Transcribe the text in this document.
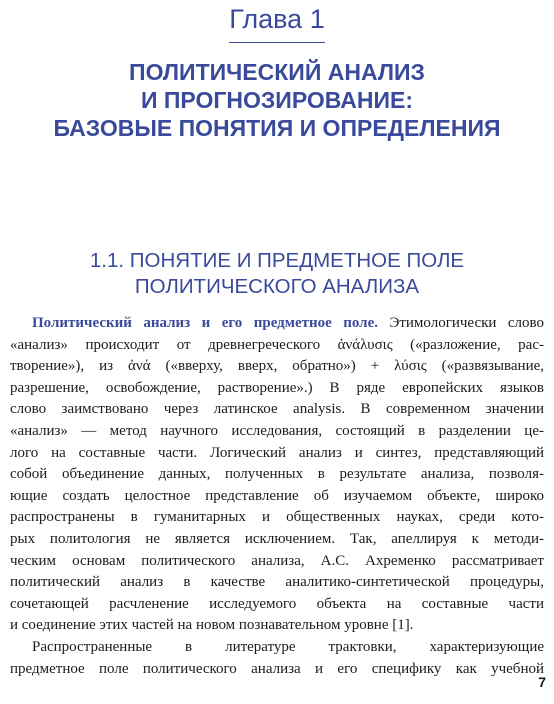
Глава 1
ПОЛИТИЧЕСКИЙ АНАЛИЗ
И ПРОГНОЗИРОВАНИЕ:
БАЗОВЫЕ ПОНЯТИЯ И ОПРЕДЕЛЕНИЯ
1.1. ПОНЯТИЕ И ПРЕДМЕТНОЕ ПОЛЕ
ПОЛИТИЧЕСКОГО АНАЛИЗА
Политический анализ и его предметное поле. Этимологически слово
«анализ» происходит от древнегреческого ἀνάλυσις («разложение, рас-
творение»), из ἀνά («вверху, вверх, обратно») + λύσις («развязывание,
разрешение, освобождение, растворение».) В ряде европейских языков
слово заимствовано через латинское analysis. В современном значении
«анализ» — метод научного исследования, состоящий в разделении це-
лого на составные части. Логический анализ и синтез, представляющий
собой объединение данных, полученных в результате анализа, позволя-
ющие создать целостное представление об изучаемом объекте, широко
распространены в гуманитарных и общественных науках, среди кото-
рых политология не является исключением. Так, апеллируя к методи-
ческим основам политического анализа, А.С. Ахременко рассматривает
политический анализ в качестве аналитико-синтетической процедуры,
сочетающей расчленение исследуемого объекта на составные части
и соединение этих частей на новом познавательном уровне [1].
Распространенные в литературе трактовки, характеризующие
предметное поле политического анализа и его специфику как учебной
7
